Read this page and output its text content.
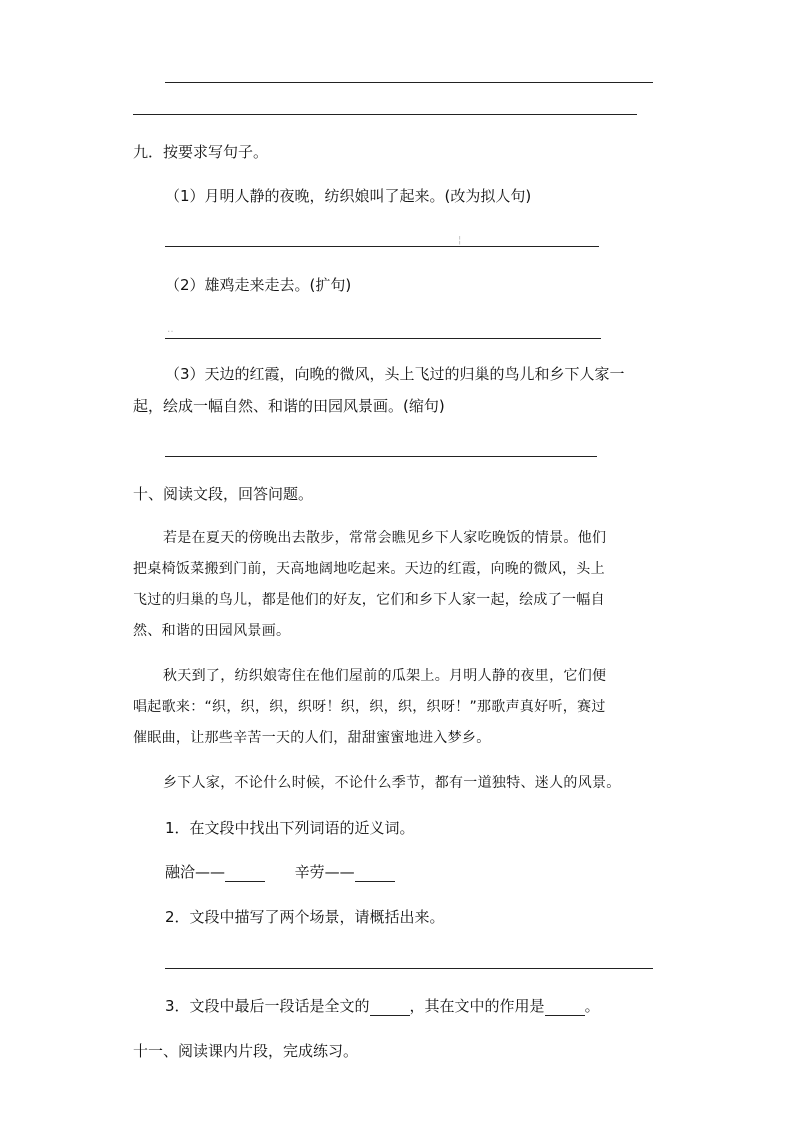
九．按要求写句子。
（1）月明人静的夜晚，纺织娘叫了起来。(改为拟人句)
¦
（2）雄鸡走来走去。(扩句)
‥
（3）天边的红霞，向晚的微风，头上飞过的归巢的鸟儿和乡下人家一
起，绘成一幅自然、和谐的田园风景画。(缩句)
十、阅读文段，回答问题。
若是在夏天的傍晚出去散步，常常会瞧见乡下人家吃晚饭的情景。他们
把桌椅饭菜搬到门前，天高地阔地吃起来。天边的红霞，向晚的微风，头上
飞过的归巢的鸟儿，都是他们的好友，它们和乡下人家一起，绘成了一幅自
然、和谐的田园风景画。
秋天到了，纺织娘寄住在他们屋前的瓜架上。月明人静的夜里，它们便
唱起歌来：“织，织，织，织呀！织，织，织，织呀！”那歌声真好听，赛过
催眠曲，让那些辛苦一天的人们，甜甜蜜蜜地进入梦乡。
乡下人家，不论什么时候，不论什么季节，都有一道独特、迷人的风景。
1．在文段中找出下列词语的近义词。
融洽——	辛劳——
2．文段中描写了两个场景，请概括出来。
3．文段中最后一段话是全文的	，其在文中的作用是	。
十一、阅读课内片段，完成练习。
